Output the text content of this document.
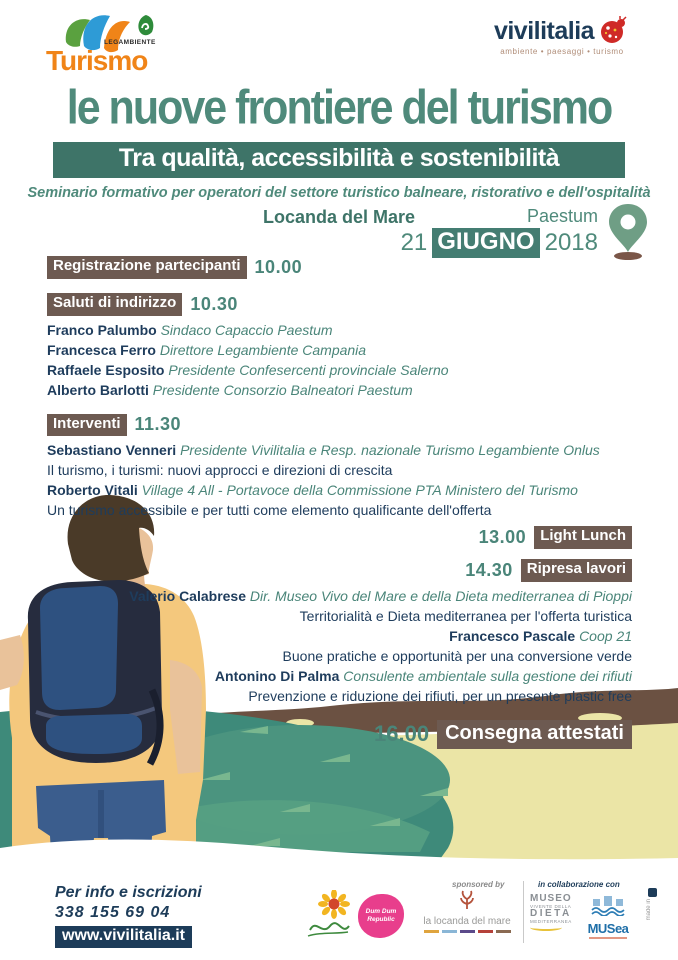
LEGAMBIENTE
Turismo
vivilitalia
ambiente • paesaggi • turismo
le nuove frontiere del turismo
Tra qualità, accessibilità e sostenibilità
Seminario formativo per operatori del settore turistico balneare, ristorativo e dell'ospitalità
Locanda del Mare	Paestum
21 GIUGNO 2018
Registrazione partecipanti 10.00
Saluti di indirizzo 10.30
Franco Palumbo Sindaco Capaccio Paestum
Francesca Ferro Direttore Legambiente Campania
Raffaele Esposito Presidente Confesercenti provinciale Salerno
Alberto Barlotti Presidente Consorzio Balneatori Paestum
Interventi 11.30
Sebastiano Venneri Presidente Vivilitalia e Resp. nazionale Turismo Legambiente Onlus
Il turismo, i turismi: nuovi approcci e direzioni di crescita
Roberto Vitali Village 4 All - Portavoce della Commissione PTA Ministero del Turismo
Un turismo accessibile e per tutti come elemento qualificante dell'offerta
13.00 Light Lunch
14.30 Ripresa lavori
Valerio Calabrese Dir. Museo Vivo del Mare e della Dieta mediterranea di Pioppi
Territorialità e Dieta mediterranea per l'offerta turistica
Francesco Pascale Coop 21
Buone pratiche e opportunità per una conversione verde
Antonino Di Palma Consulente ambientale sulla gestione dei rifiuti
Prevenzione e riduzione dei rifiuti, per un presente plastic free
16.00 Consegna attestati
Per info e iscrizioni
338 155 69 04
www.vivilitalia.it
Dum Dum Republic
sponsored by
la locanda del mare
in collaborazione con
MUSEO
VIVENTE DELLA
DIETA
MEDITERRANEA	MUSea
made in
